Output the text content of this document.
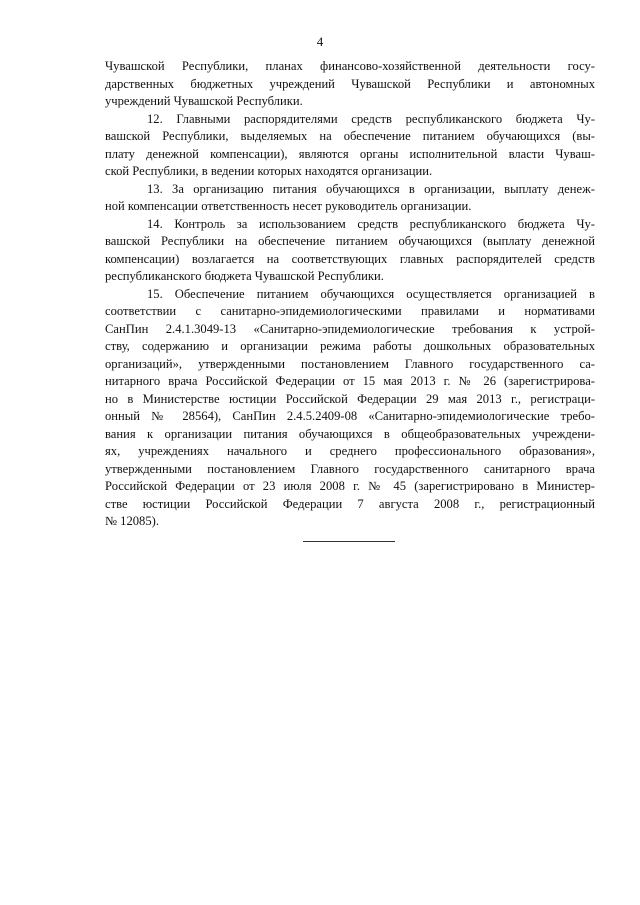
4

Чувашской Республики, планах финансово-хозяйственной деятельности госу-
дарственных бюджетных учреждений Чувашской Республики и автономных
учреждений Чувашской Республики.

12. Главными распорядителями средств республиканского бюджета Чу-
вашской Республики, выделяемых на обеспечение питанием обучающихся (вы-
плату денежной компенсации), являются органы исполнительной власти Чуваш-
ской Республики, в ведении которых находятся организации.

13. За организацию питания обучающихся в организации, выплату денеж-
ной компенсации ответственность несет руководитель организации.

14. Контроль за использованием средств республиканского бюджета Чу-
вашской Республики на обеспечение питанием обучающихся (выплату денежной
компенсации) возлагается на соответствующих главных распорядителей средств
республиканского бюджета Чувашской Республики.

15. Обеспечение питанием обучающихся осуществляется организацией в
соответствии с санитарно-эпидемиологическими правилами и нормативами
СанПин 2.4.1.3049-13 «Санитарно-эпидемиологические требования к устрой-
ству, содержанию и организации режима работы дошкольных образовательных
организаций», утвержденными постановлением Главного государственного са-
нитарного врача Российской Федерации от 15 мая 2013 г. № 26 (зарегистрирова-
но в Министерстве юстиции Российской Федерации 29 мая 2013 г., регистраци-
онный № 28564), СанПин 2.4.5.2409-08 «Санитарно-эпидемиологические требо-
вания к организации питания обучающихся в общеобразовательных учреждени-
ях, учреждениях начального и среднего профессионального образования»,
утвержденными постановлением Главного государственного санитарного врача
Российской Федерации от 23 июля 2008 г. № 45 (зарегистрировано в Министер-
стве юстиции Российской Федерации 7 августа 2008 г., регистрационный
№ 12085).
